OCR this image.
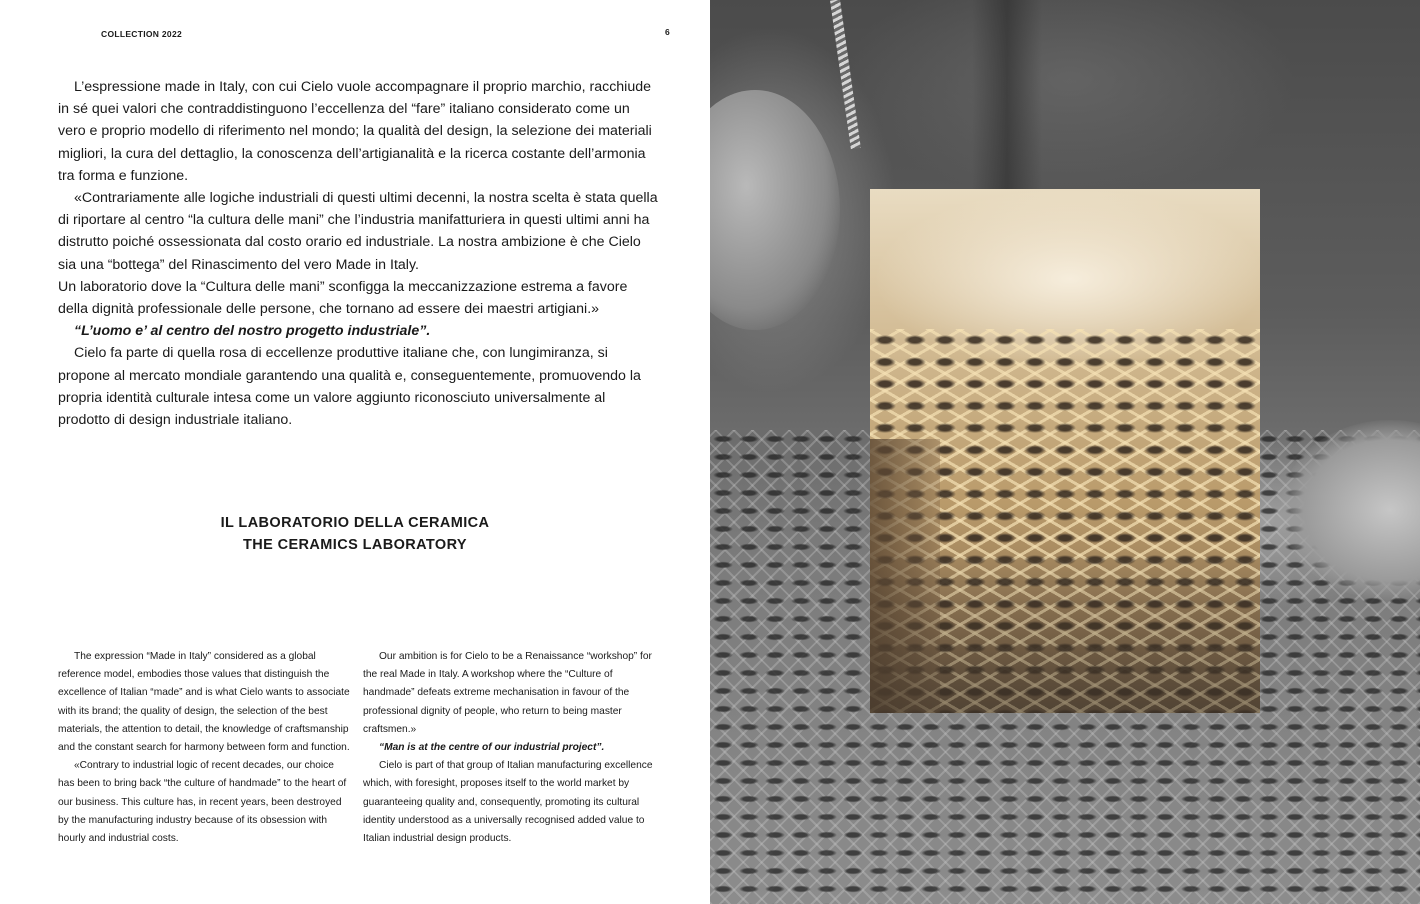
COLLECTION 2022	6

L’espressione made in Italy, con cui Cielo vuole accompagnare il proprio marchio, racchiude in sé quei valori che contraddistinguono l’eccellenza del “fare” italiano considerato come un vero e proprio modello di riferimento nel mondo; la qualità del design, la selezione dei materiali migliori, la cura del dettaglio, la conoscenza dell’artigianalità e la ricerca costante dell’armonia tra forma e funzione.

«Contrariamente alle logiche industriali di questi ultimi decenni, la nostra scelta è stata quella di riportare al centro “la cultura delle mani” che l’industria manifatturiera in questi ultimi anni ha distrutto poiché ossessionata dal costo orario ed industriale. La nostra ambizione è che Cielo sia una “bottega” del Rinascimento del vero Made in Italy.

Un laboratorio dove la “Cultura delle mani” sconfigga la meccanizzazione estrema a favore della dignità professionale delle persone, che tornano ad essere dei maestri artigiani.»

“L’uomo e’ al centro del nostro progetto industriale”.

Cielo fa parte di quella rosa di eccellenze produttive italiane che, con lungimiranza, si propone al mercato mondiale garantendo una qualità e, conseguentemente, promuovendo la propria identità culturale intesa come un valore aggiunto riconosciuto universalmente al prodotto di design industriale italiano.

IL LABORATORIO DELLA CERAMICA
THE CERAMICS LABORATORY

The expression “Made in Italy” considered as a global reference model, embodies those values that distinguish the excellence of Italian “made” and is what Cielo wants to associate with its brand; the quality of design, the selection of the best materials, the attention to detail, the knowledge of craftsmanship and the constant search for harmony between form and function.

«Contrary to industrial logic of recent decades, our choice has been to bring back “the culture of handmade” to the heart of our business. This culture has, in recent years, been destroyed by the manufacturing industry because of its obsession with hourly and industrial costs.

Our ambition is for Cielo to be a Renaissance “workshop” for the real Made in Italy. A workshop where the “Culture of handmade” defeats extreme mechanisation in favour of the professional dignity of people, who return to being master craftsmen.»

“Man is at the centre of our industrial project”.

Cielo is part of that group of Italian manufacturing excellence which, with foresight, proposes itself to the world market by guaranteeing quality and, consequently, promoting its cultural identity understood as a universally recognised added value to Italian industrial design products.
